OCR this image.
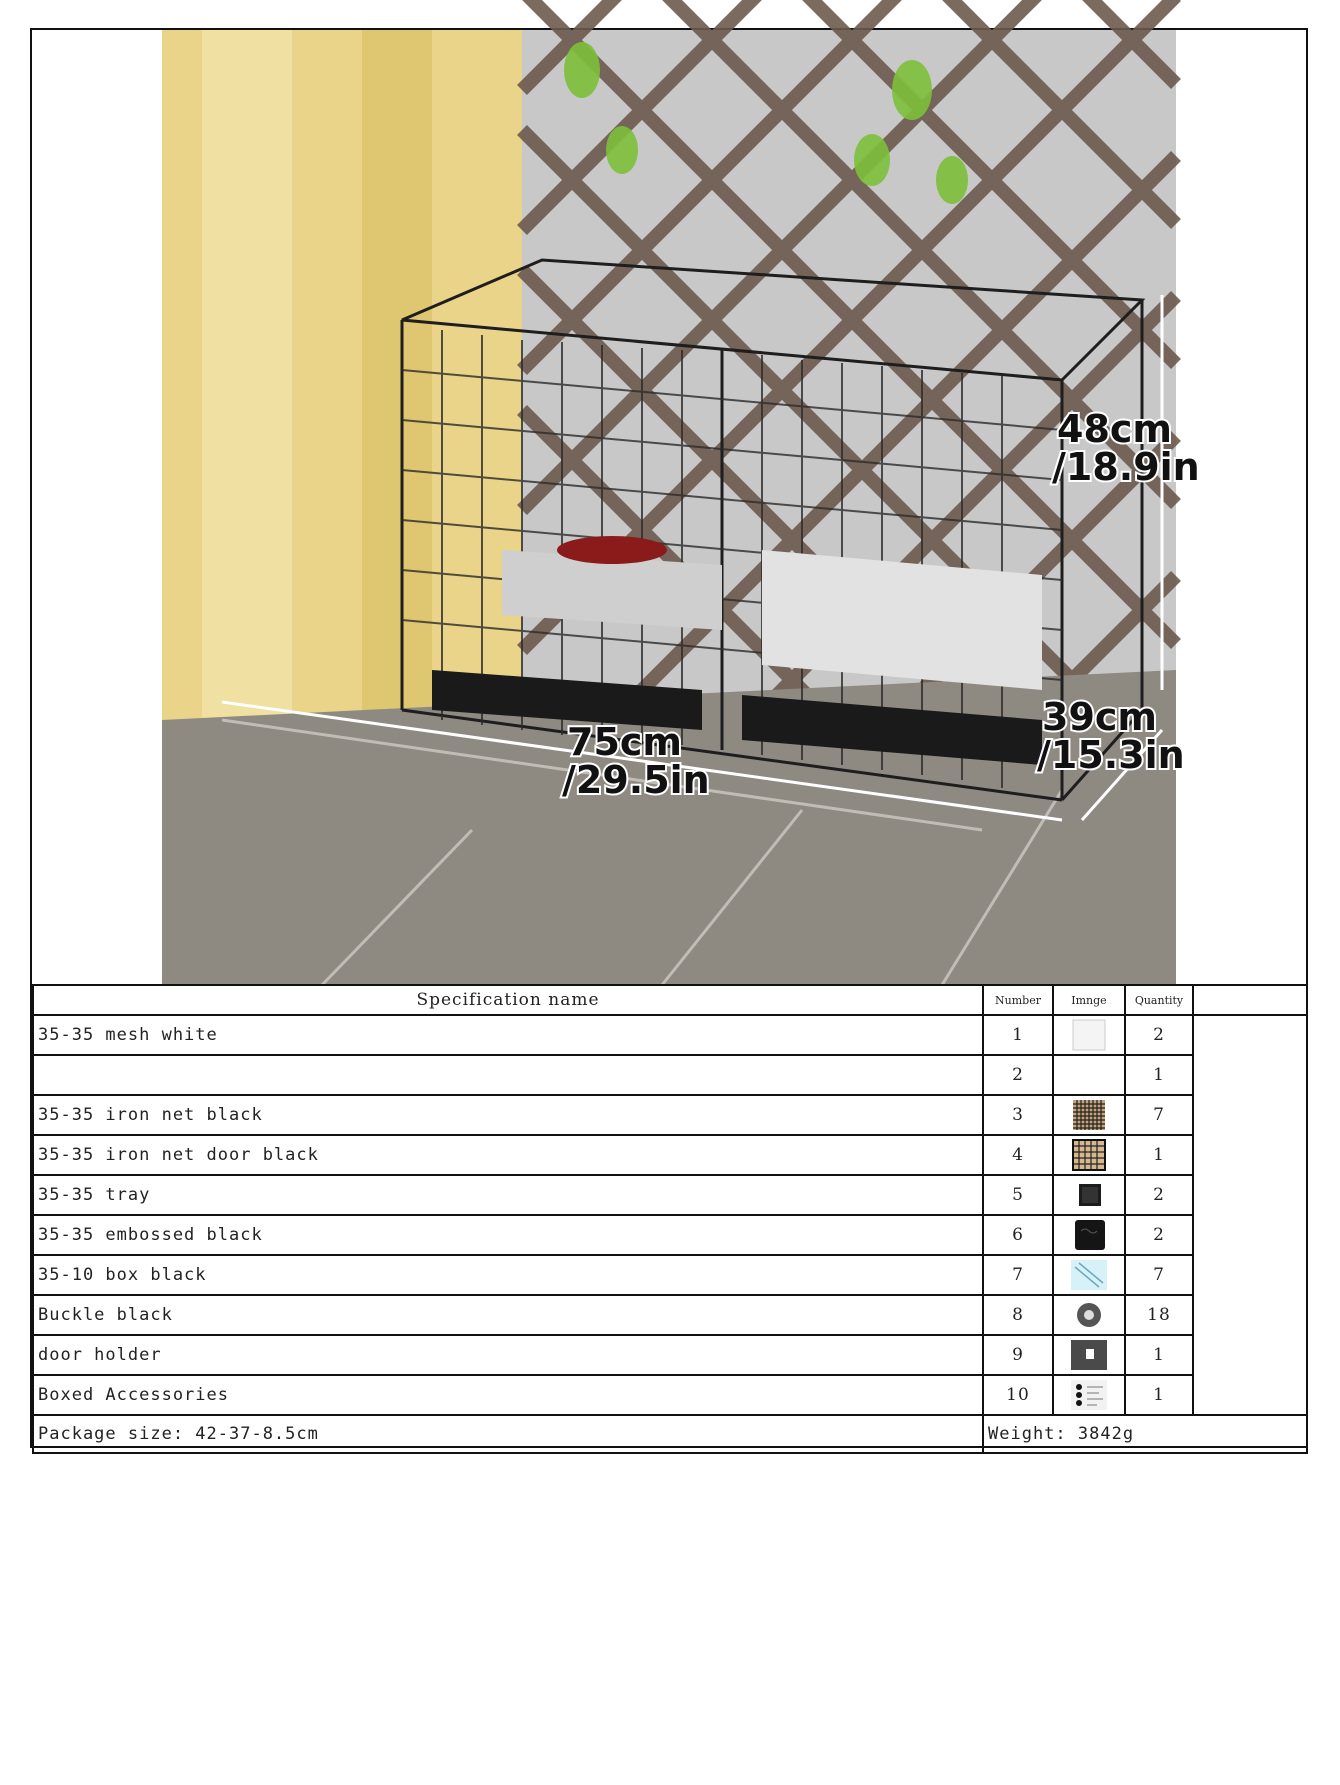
48cm
/18.9in
75cm
/29.5in
39cm
/15.3in
Specification name	Number	Imnge	Quantity	
35-35 mesh white	1		2	
	2		1	
35-35 iron net black	3		7	
35-35 iron net door black	4		1	
35-35 tray	5		2	
35-35 embossed black	6		2	
35-10 box black	7		7	
Buckle black	8		18	
door holder	9		1	
Boxed Accessories	10		1	
Package size: 42-37-8.5cm	Weight: 3842g			
